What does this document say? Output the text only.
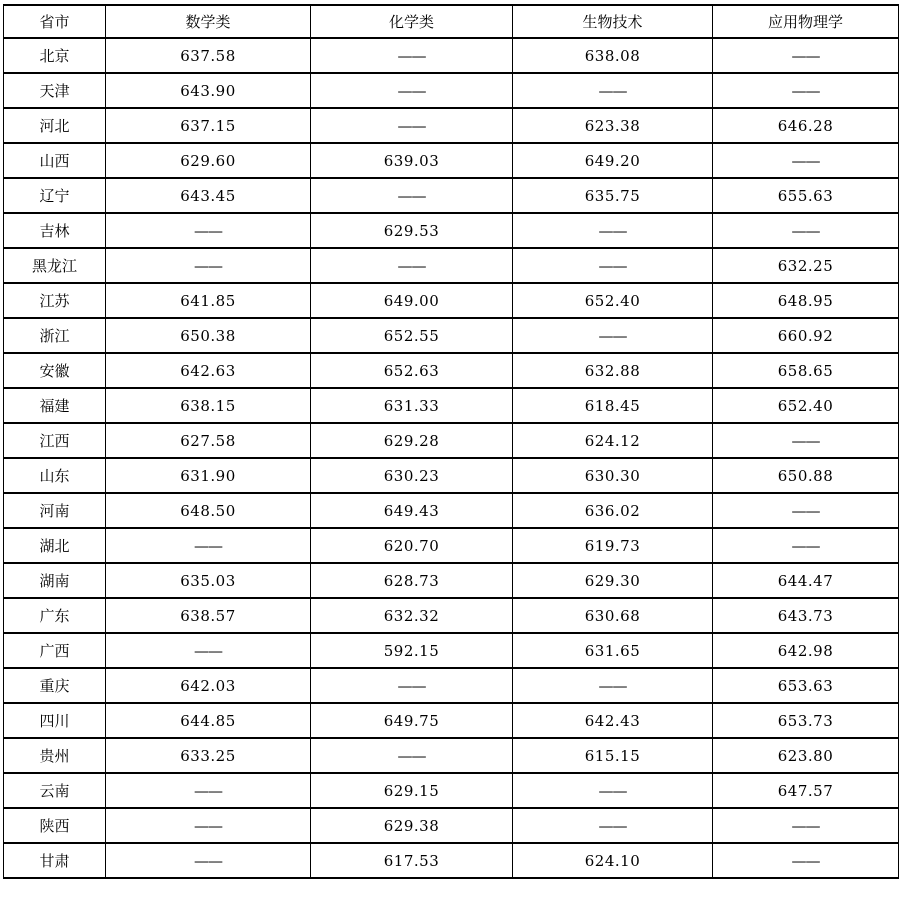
省市	数学类	化学类	生物技术	应用物理学
北京	637.58	——	638.08	——
天津	643.90	——	——	——
河北	637.15	——	623.38	646.28
山西	629.60	639.03	649.20	——
辽宁	643.45	——	635.75	655.63
吉林	——	629.53	——	——
黑龙江	——	——	——	632.25
江苏	641.85	649.00	652.40	648.95
浙江	650.38	652.55	——	660.92
安徽	642.63	652.63	632.88	658.65
福建	638.15	631.33	618.45	652.40
江西	627.58	629.28	624.12	——
山东	631.90	630.23	630.30	650.88
河南	648.50	649.43	636.02	——
湖北	——	620.70	619.73	——
湖南	635.03	628.73	629.30	644.47
广东	638.57	632.32	630.68	643.73
广西	——	592.15	631.65	642.98
重庆	642.03	——	——	653.63
四川	644.85	649.75	642.43	653.73
贵州	633.25	——	615.15	623.80
云南	——	629.15	——	647.57
陕西	——	629.38	——	——
甘肃	——	617.53	624.10	——
